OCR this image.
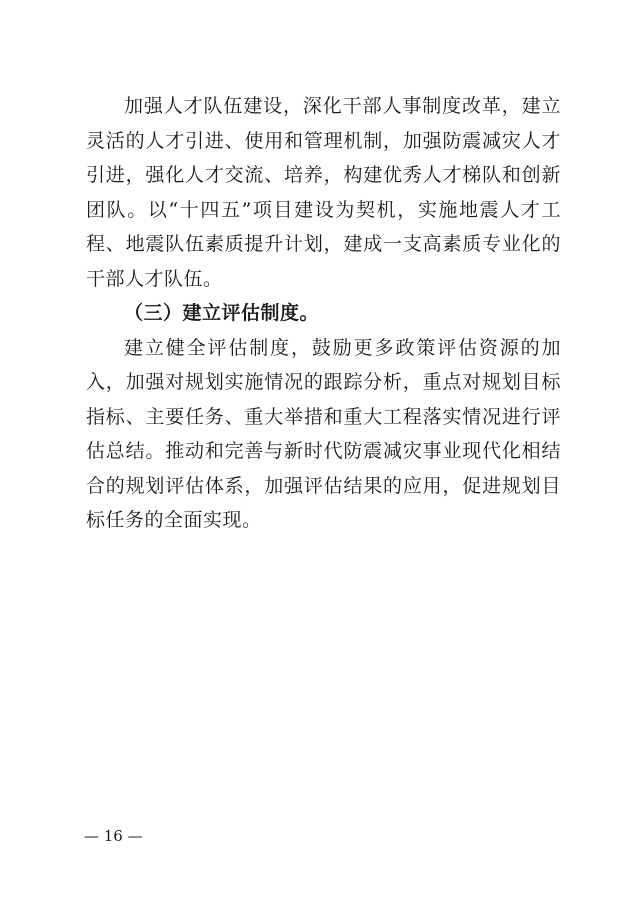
加强人才队伍建设，深化干部人事制度改革，建立灵活的人才引进、使用和管理机制，加强防震减灾人才引进，强化人才交流、培养，构建优秀人才梯队和创新团队。以“十四五”项目建设为契机，实施地震人才工程、地震队伍素质提升计划，建成一支高素质专业化的干部人才队伍。

（三）建立评估制度。

建立健全评估制度，鼓励更多政策评估资源的加入，加强对规划实施情况的跟踪分析，重点对规划目标指标、主要任务、重大举措和重大工程落实情况进行评估总结。推动和完善与新时代防震减灾事业现代化相结合的规划评估体系，加强评估结果的应用，促进规划目标任务的全面实现。

— 16 —
